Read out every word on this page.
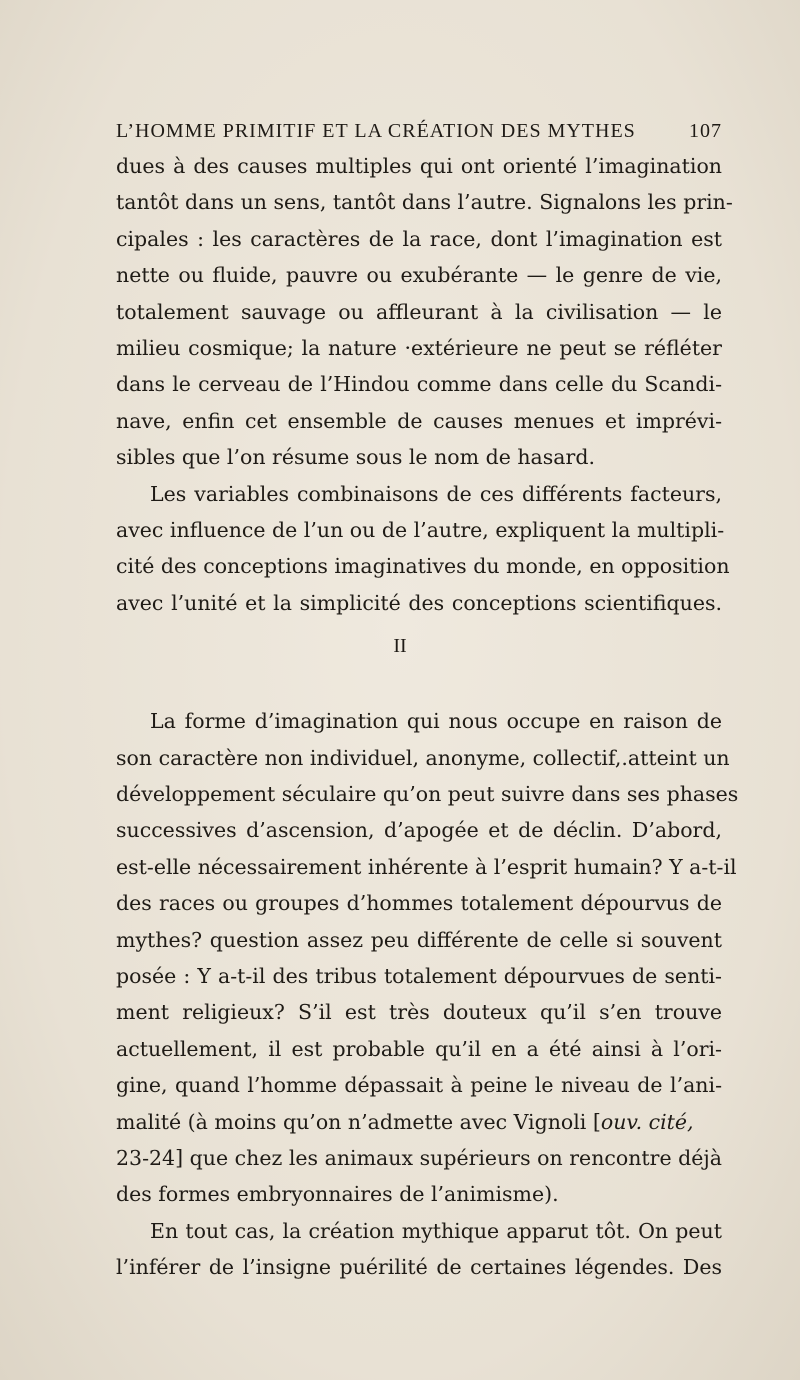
L’HOMME PRIMITIF ET LA CRÉATION DES MYTHES	107
dues à des causes multiples qui ont orienté l’imagination
tantôt dans un sens, tantôt dans l’autre. Signalons les prin-
cipales : les caractères de la race, dont l’imagination est
nette ou fluide, pauvre ou exubérante — le genre de vie,
totalement sauvage ou affleurant à la civilisation — le
milieu cosmique; la nature ·extérieure ne peut se réfléter
dans le cerveau de l’Hindou comme dans celle du Scandi-
nave, enfin cet ensemble de causes menues et imprévi-
sibles que l’on résume sous le nom de hasard.
Les variables combinaisons de ces différents facteurs,
avec influence de l’un ou de l’autre, expliquent la multipli-
cité des conceptions imaginatives du monde, en opposition
avec l’unité et la simplicité des conceptions scientifiques.
II
La forme d’imagination qui nous occupe en raison de
son caractère non individuel, anonyme, collectif,.atteint un
développement séculaire qu’on peut suivre dans ses phases
successives d’ascension, d’apogée et de déclin. D’abord,
est-elle nécessairement inhérente à l’esprit humain? Y a-t-il
des races ou groupes d’hommes totalement dépourvus de
mythes? question assez peu différente de celle si souvent
posée : Y a-t-il des tribus totalement dépourvues de senti-
ment religieux? S’il est très douteux qu’il s’en trouve
actuellement, il est probable qu’il en a été ainsi à l’ori-
gine, quand l’homme dépassait à peine le niveau de l’ani-
malité (à moins qu’on n’admette avec Vignoli [ouv. cité,
23-24] que chez les animaux supérieurs on rencontre déjà
des formes embryonnaires de l’animisme).
En tout cas, la création mythique apparut tôt. On peut
l’inférer de l’insigne puérilité de certaines légendes. Des
